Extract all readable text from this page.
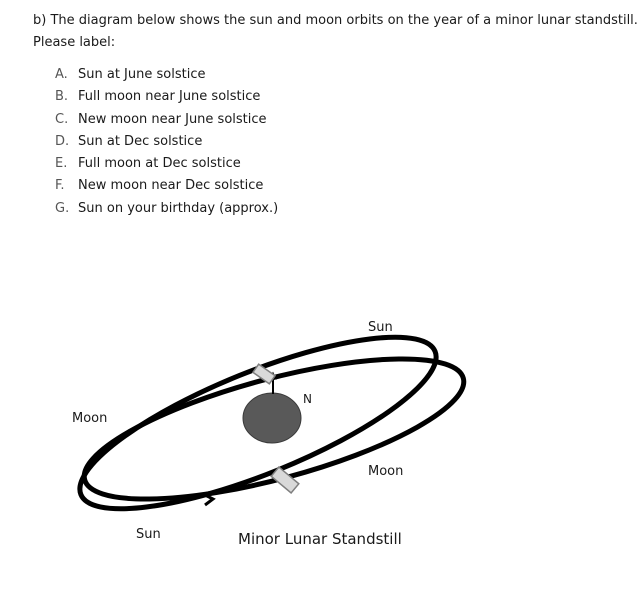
b) The diagram below shows the sun and moon orbits on the year of a minor lunar standstill.
Please label:
A. Sun at June solstice
B. Full moon near June solstice
C. New moon near June solstice
D. Sun at Dec solstice
E. Full moon at Dec solstice
F. New moon near Dec solstice
G. Sun on your birthday (approx.)
Sun
N
Moon
Moon
Sun	Minor Lunar Standstill
